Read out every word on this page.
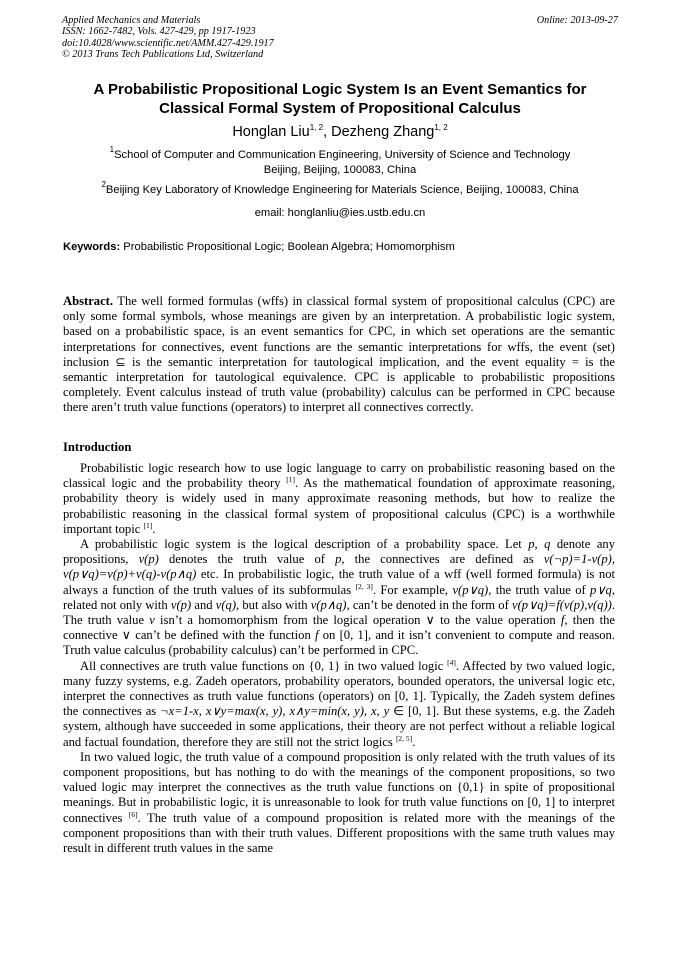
Applied Mechanics and Materials
ISSN: 1662-7482, Vols. 427-429, pp 1917-1923
doi:10.4028/www.scientific.net/AMM.427-429.1917
© 2013 Trans Tech Publications Ltd, Switzerland
Online: 2013-09-27
A Probabilistic Propositional Logic System Is an Event Semantics for
Classical Formal System of Propositional Calculus
Honglan Liu$^{1, 2}$, Dezheng Zhang$^{1, 2}$
$^1$School of Computer and Communication Engineering, University of Science and Technology
Beijing, Beijing, 100083, China
$^2$Beijing Key Laboratory of Knowledge Engineering for Materials Science, Beijing, 100083, China
email: honglanliu@ies.ustb.edu.cn
Keywords: Probabilistic Propositional Logic; Boolean Algebra; Homomorphism

Abstract. The well formed formulas (wffs) in classical formal system of propositional calculus (CPC) are only some formal symbols, whose meanings are given by an interpretation. A probabilistic logic system, based on a probabilistic space, is an event semantics for CPC, in which set operations are the semantic interpretations for connectives, event functions are the semantic interpretations for wffs, the event (set) inclusion ⊆ is the semantic interpretation for tautological implication, and the event equality = is the semantic interpretation for tautological equivalence. CPC is applicable to probabilistic propositions completely. Event calculus instead of truth value (probability) calculus can be performed in CPC because there aren’t truth value functions (operators) to interpret all connectives correctly.

Introduction

Probabilistic logic research how to use logic language to carry on probabilistic reasoning based on the classical logic and the probability theory [1]. As the mathematical foundation of approximate reasoning, probability theory is widely used in many approximate reasoning methods, but how to realize the probabilistic reasoning in the classical formal system of propositional calculus (CPC) is a worthwhile important topic [1].

A probabilistic logic system is the logical description of a probability space. Let p, q denote any propositions, v(p) denotes the truth value of p, the connectives are defined as v(¬p)=1-v(p), v(p∨q)=v(p)+v(q)-v(p∧q) etc. In probabilistic logic, the truth value of a wff (well formed formula) is not always a function of the truth values of its subformulas [2, 3]. For example, v(p∨q), the truth value of p∨q, related not only with v(p) and v(q), but also with v(p∧q), can’t be denoted in the form of v(p∨q)=f(v(p),v(q)). The truth value v isn’t a homomorphism from the logical operation ∨ to the value operation f, then the connective ∨ can’t be defined with the function f on [0, 1], and it isn’t convenient to compute and reason. Truth value calculus (probability calculus) can’t be performed in CPC.

All connectives are truth value functions on {0, 1} in two valued logic [4]. Affected by two valued logic, many fuzzy systems, e.g. Zadeh operators, probability operators, bounded operators, the universal logic etc, interpret the connectives as truth value functions (operators) on [0, 1]. Typically, the Zadeh system defines the connectives as ¬x=1-x, x∨y=max(x, y), x∧y=min(x, y), x, y ∈ [0, 1]. But these systems, e.g. the Zadeh system, although have succeeded in some applications, their theory are not perfect without a reliable logical and factual foundation, therefore they are still not the strict logics [2, 5].

In two valued logic, the truth value of a compound proposition is only related with the truth values of its component propositions, but has nothing to do with the meanings of the component propositions, so two valued logic may interpret the connectives as the truth value functions on {0,1} in spite of propositional meanings. But in probabilistic logic, it is unreasonable to look for truth value functions on [0, 1] to interpret connectives [6]. The truth value of a compound proposition is related more with the meanings of the component propositions than with their truth values. Different propositions with the same truth values may result in different truth values in the same
